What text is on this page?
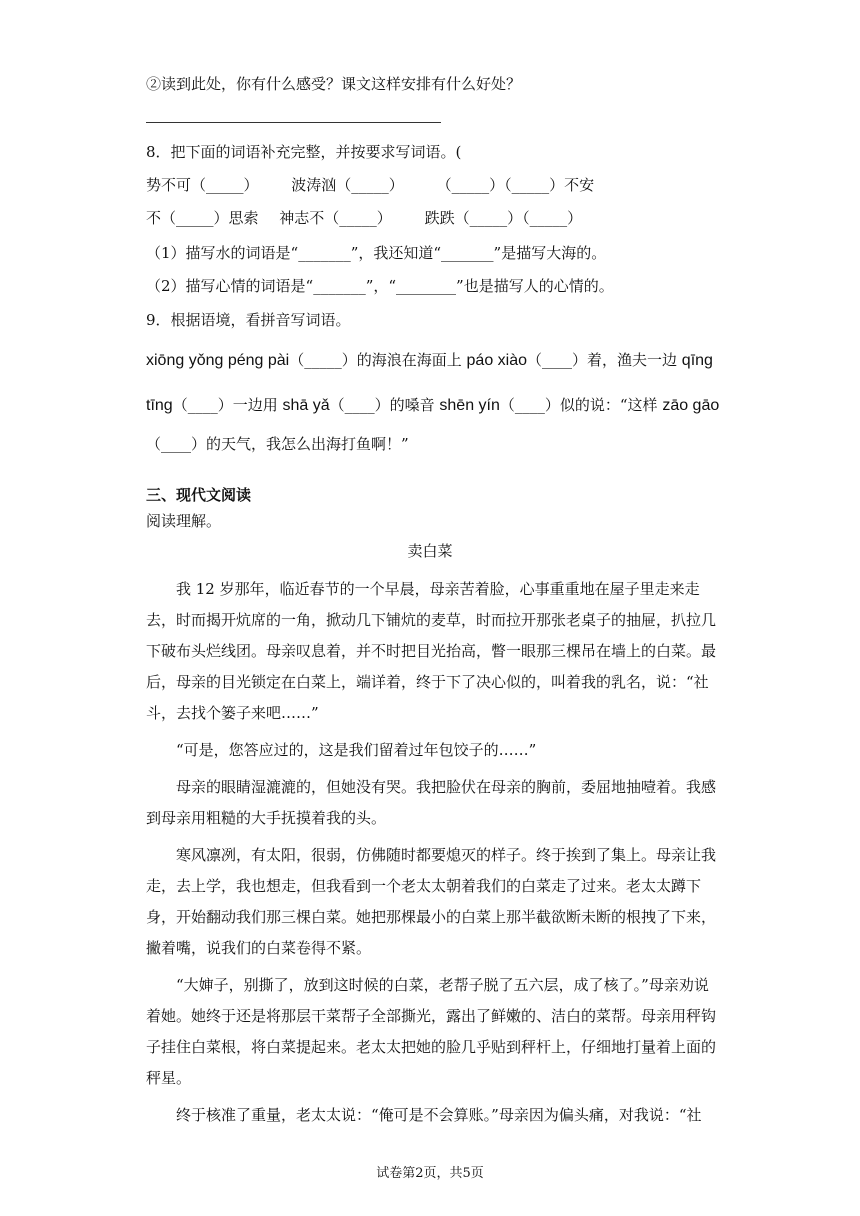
②读到此处，你有什么感受？课文这样安排有什么好处？
8．把下面的词语补充完整，并按要求写词语。(
势不可（_____） 波涛汹（_____） （_____）（_____）不安
不（_____）思索 神志不（_____） 跌跌（_____）（_____）
（1）描写水的词语是“_______”，我还知道“_______”是描写大海的。
（2）描写心情的词语是“_______”，“________”也是描写人的心情的。
9．根据语境，看拼音写词语。
xiōng yǒng péng pài（_____）的海浪在海面上 páo xiào（____）着，渔夫一边 qīng
tīng（____）一边用 shā yǎ（____）的嗓音 shēn yín（____）似的说：“这样 zāo gāo
（____）的天气，我怎么出海打鱼啊！”
三、现代文阅读
阅读理解。
卖白菜

我 12 岁那年，临近春节的一个早晨，母亲苦着脸，心事重重地在屋子里走来走去，时而揭开炕席的一角，掀动几下铺炕的麦草，时而拉开那张老桌子的抽屉，扒拉几下破布头烂线团。母亲叹息着，并不时把目光抬高，瞥一眼那三棵吊在墙上的白菜。最后，母亲的目光锁定在白菜上，端详着，终于下了决心似的，叫着我的乳名，说：“社斗，去找个篓子来吧……”

“可是，您答应过的，这是我们留着过年包饺子的……”

母亲的眼睛湿漉漉的，但她没有哭。我把脸伏在母亲的胸前，委屈地抽噎着。我感到母亲用粗糙的大手抚摸着我的头。

寒风凛冽，有太阳，很弱，仿佛随时都要熄灭的样子。终于挨到了集上。母亲让我走，去上学，我也想走，但我看到一个老太太朝着我们的白菜走了过来。老太太蹲下身，开始翻动我们那三棵白菜。她把那棵最小的白菜上那半截欲断未断的根拽了下来，撇着嘴，说我们的白菜卷得不紧。

“大婶子，别撕了，放到这时候的白菜，老帮子脱了五六层，成了核了。”母亲劝说着她。她终于还是将那层干菜帮子全部撕光，露出了鲜嫩的、洁白的菜帮。母亲用秤钩子挂住白菜根，将白菜提起来。老太太把她的脸几乎贴到秤杆上，仔细地打量着上面的秤星。

终于核准了重量，老太太说：“俺可是不会算账。”母亲因为偏头痛，对我说：“社

试卷第2页，共5页
